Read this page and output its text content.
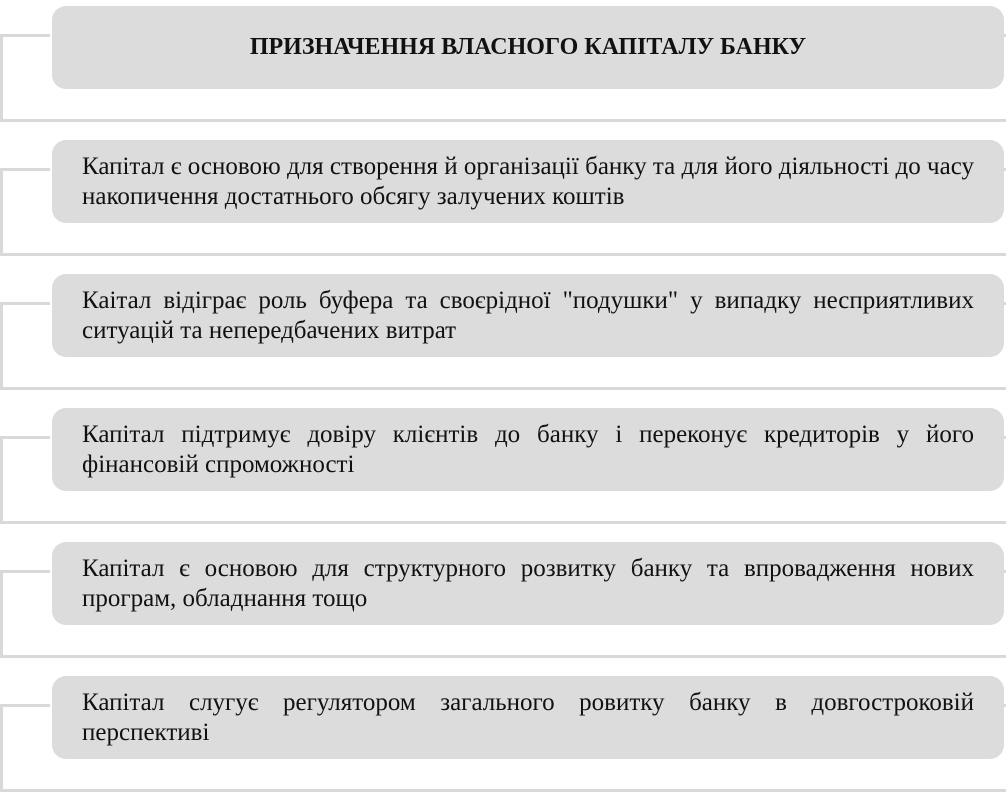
ПРИЗНАЧЕННЯ ВЛАСНОГО КАПІТАЛУ БАНКУ
Капітал є основою для створення й організації банку та для його діяльності до часу накопичення достатнього обсягу залучених коштів
Каітал відіграє роль буфера та своєрідної "подушки" у випадку несприятливих ситуацій та непередбачених витрат
Капітал підтримує довіру клієнтів до банку і переконує кредиторів у його фінансовій спроможності
Капітал є основою для структурного розвитку банку та впровадження нових програм, обладнання тощо
Капітал слугує регулятором загального ровитку банку в довгостроковій перспективі
